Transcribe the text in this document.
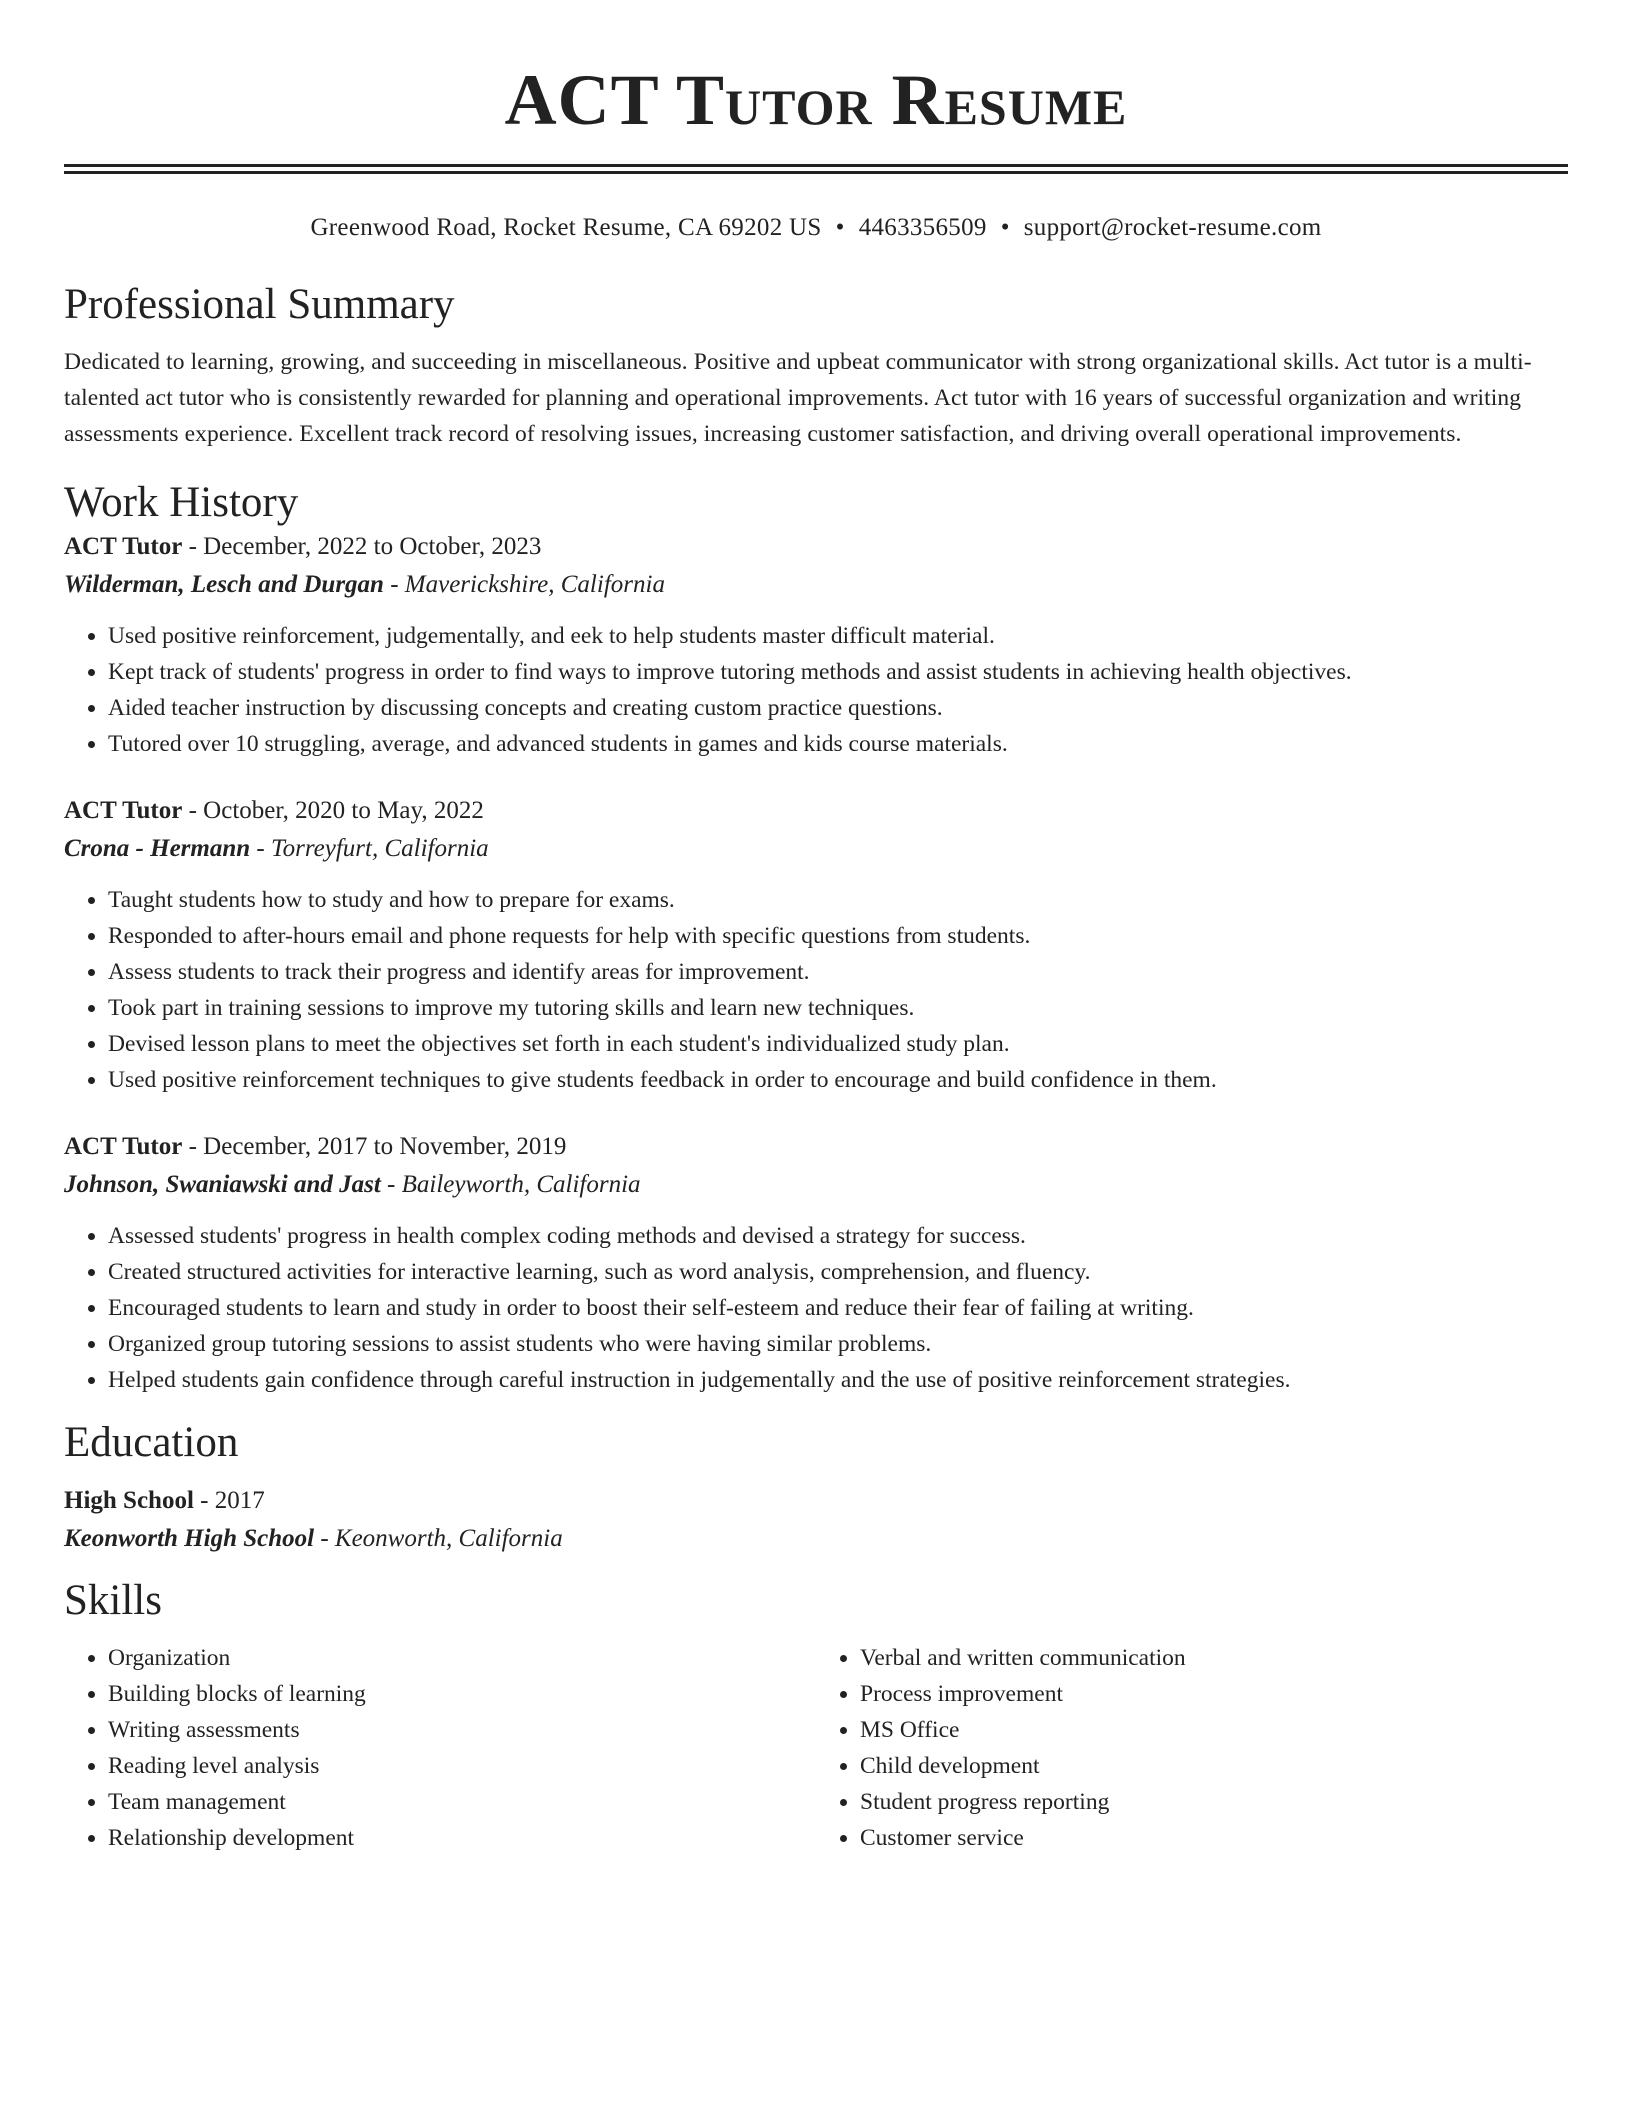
ACT Tutor Resume
Greenwood Road, Rocket Resume, CA 69202 US • 4463356509 • support@rocket-resume.com
Professional Summary
Dedicated to learning, growing, and succeeding in miscellaneous. Positive and upbeat communicator with strong organizational skills. Act tutor is a multi-talented act tutor who is consistently rewarded for planning and operational improvements. Act tutor with 16 years of successful organization and writing assessments experience. Excellent track record of resolving issues, increasing customer satisfaction, and driving overall operational improvements.
Work History
ACT Tutor - December, 2022 to October, 2023
Wilderman, Lesch and Durgan - Maverickshire, California
• Used positive reinforcement, judgementally, and eek to help students master difficult material.
• Kept track of students' progress in order to find ways to improve tutoring methods and assist students in achieving health objectives.
• Aided teacher instruction by discussing concepts and creating custom practice questions.
• Tutored over 10 struggling, average, and advanced students in games and kids course materials.
ACT Tutor - October, 2020 to May, 2022
Crona - Hermann - Torreyfurt, California
• Taught students how to study and how to prepare for exams.
• Responded to after-hours email and phone requests for help with specific questions from students.
• Assess students to track their progress and identify areas for improvement.
• Took part in training sessions to improve my tutoring skills and learn new techniques.
• Devised lesson plans to meet the objectives set forth in each student's individualized study plan.
• Used positive reinforcement techniques to give students feedback in order to encourage and build confidence in them.
ACT Tutor - December, 2017 to November, 2019
Johnson, Swaniawski and Jast - Baileyworth, California
• Assessed students' progress in health complex coding methods and devised a strategy for success.
• Created structured activities for interactive learning, such as word analysis, comprehension, and fluency.
• Encouraged students to learn and study in order to boost their self-esteem and reduce their fear of failing at writing.
• Organized group tutoring sessions to assist students who were having similar problems.
• Helped students gain confidence through careful instruction in judgementally and the use of positive reinforcement strategies.
Education
High School - 2017
Keonworth High School - Keonworth, California
Skills
• Organization
• Building blocks of learning
• Writing assessments
• Reading level analysis
• Team management
• Relationship development
• Verbal and written communication
• Process improvement
• MS Office
• Child development
• Student progress reporting
• Customer service
